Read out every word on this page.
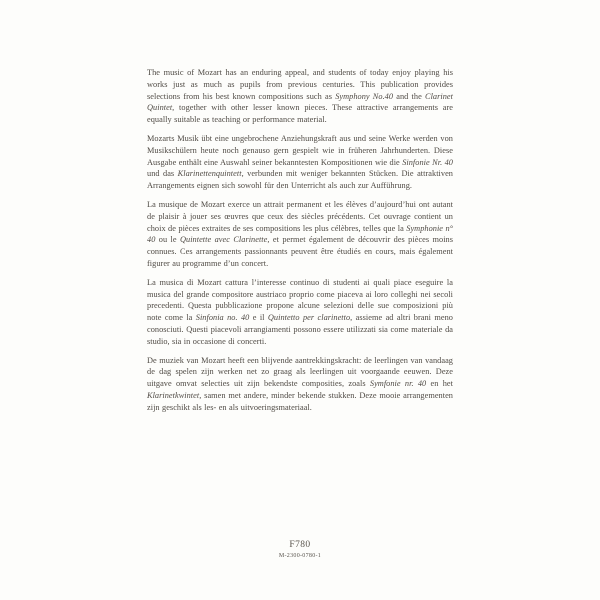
The music of Mozart has an enduring appeal, and students of today enjoy playing his works just as much as pupils from previous centuries. This publication provides selections from his best known compositions such as Symphony No.40 and the Clarinet Quintet, together with other lesser known pieces. These attractive arrangements are equally suitable as teaching or performance material.

Mozarts Musik übt eine ungebrochene Anziehungskraft aus und seine Werke werden von Musikschülern heute noch genauso gern gespielt wie in früheren Jahrhunderten. Diese Ausgabe enthält eine Auswahl seiner bekanntesten Kompositionen wie die Sinfonie Nr. 40 und das Klarinettenquintett, verbunden mit weniger bekannten Stücken. Die attraktiven Arrangements eignen sich sowohl für den Unterricht als auch zur Aufführung.

La musique de Mozart exerce un attrait permanent et les élèves d’aujourd’hui ont autant de plaisir à jouer ses œuvres que ceux des siècles précédents. Cet ouvrage contient un choix de pièces extraites de ses compositions les plus célèbres, telles que la Symphonie n° 40 ou le Quintette avec Clarinette, et permet également de découvrir des pièces moins connues. Ces arrangements passionnants peuvent être étudiés en cours, mais également figurer au programme d’un concert.

La musica di Mozart cattura l’interesse continuo di studenti ai quali piace eseguire la musica del grande compositore austriaco proprio come piaceva ai loro colleghi nei secoli precedenti. Questa pubblicazione propone alcune selezioni delle sue composizioni più note come la Sinfonia no. 40 e il Quintetto per clarinetto, assieme ad altri brani meno conosciuti. Questi piacevoli arrangiamenti possono essere utilizzati sia come materiale da studio, sia in occasione di concerti.

De muziek van Mozart heeft een blijvende aantrekkingskracht: de leerlingen van vandaag de dag spelen zijn werken net zo graag als leerlingen uit voorgaande eeuwen. Deze uitgave omvat selecties uit zijn bekendste composities, zoals Symfonie nr. 40 en het Klarinetkwintet, samen met andere, minder bekende stukken. Deze mooie arrangementen zijn geschikt als les- en als uitvoeringsmateriaal.

F780
M-2300-0780-1
